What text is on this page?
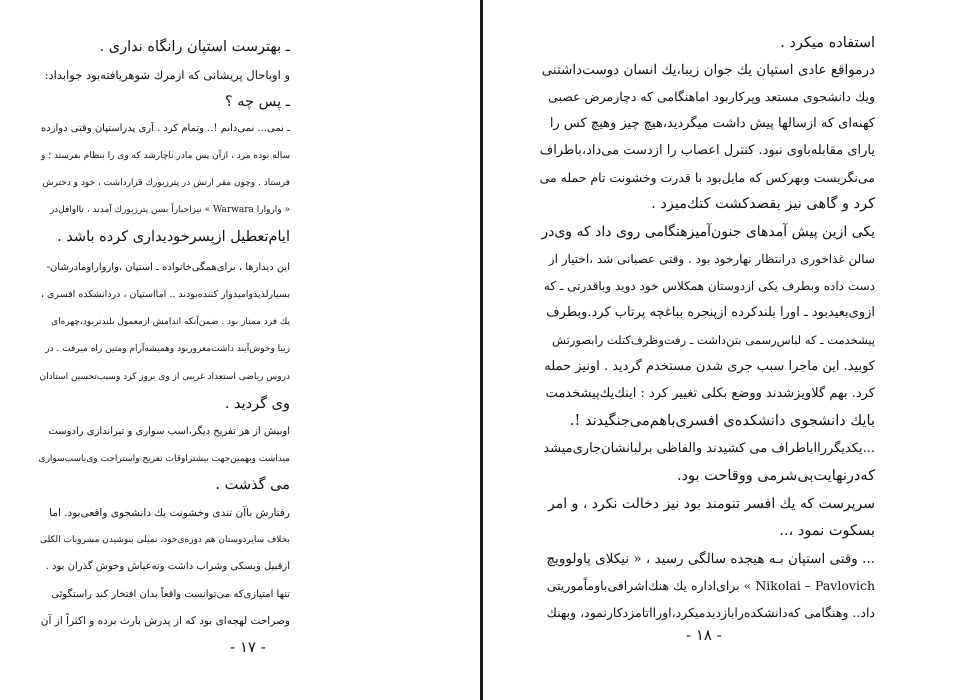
ـ بهترست استپان رانگاه نداری .
و اوباحال پریشانی که ازمرك شوهریافته‌بود جوابداد:
ـ پس چه ؟
ـ نمی... نمی‌دانم !.. وتمام کرد . آری پدراستپان وقتی دوازده
ساله بوده مرد ، ازآن پس مادر ناچارشد که وی را بنظام بفرستد ؛ و
فرستاد . وچون مقر ارتش در پترزبورك قرارداشت ، خود و دخترش
« واروارا Warwara » نیزاجباراً بسن پترزبورك آمدند ، تااوافل‌در
ایام‌تعطیل ازپسرخودیداری کرده باشد .
این دیدارها ، برای‌همگی‌خانواده ـ استپان ،واروارا‌ومادرشان-
بسیارلذیذوامیدوار کننده‌بودند .. امااستپان ، دردانشکده‌ افسری ،
یك فرد ممتاز بود . ضمن‌آنکه اندامش ازمعمول بلندتربود،چهره‌ای
زیبا وخوش‌آیند داشت‌مغروربود وهمیشه‌آرام ومتین راه میرفت . در
دروس ریاضی استعداد غریبی از وی بروز کرد وسبب‌تحسین استادان
وی گردید .
اوبیش از هر تفریح دیگر،اسب سواری و تیراندازی رادوست
میداشت وبهمین‌جهت بیشتراوقات تفریح واستراحت وی‌باسب‌سواری
می گذشت .
رفتارش باآن تندی وخشونت‌ یك دانشجوی واقعی‌بود. اما
بخلاف سایردوستان هم دوره‌ی‌خود، نمیلی بنوشیدن مشروبات الکلی
ازقبیل ویسکی وشراب داشت ونه‌عیاش وخوش گذران بود .
تنها امتیازی‌که می‌توانست واقعاً بدان افتخار کند راستگوئی
وصراحت لهجه‌ای بود که از پدرش بارث برده و اکثراً از آن
- ١٧ -
استفاده میکرد .
درمواقع عادی استپان یك جوان زیبا،یك انسان دوست‌داشتنی
ویك دانشجوی مستعد وپرکاربود اماهنگامی که دچارمرض عصبی
کهنه‌ای که ازسالها پیش داشت میگردید،هیچ چیز وهیچ کس را
یارای مقابله‌باوی نبود. کنترل اعصاب را ازدست می‌داد،باطراف
می‌نگریست وبهرکس که مایل‌بود با قدرت وخشونت تام حمله می‌
کرد و گاهی نیز بقصدکشت کتك‌میزد .
یکی ازین پیش آمدهای جنون‌آمیزهنگامی روی داد که وی‌در
سالن غذاخوری درانتظار نهارخود بود . وقتی عصبانی شد ،اختیار از
دست داده وبطرف یکی ازدوستان همکلاس خود دوید وباقدرتی ـ که
ازوی‌بعیدبود ـ اورا بلندکرده ازپنجره بباغچه پرتاب کرد.وبطرف
پیشخدمت ـ که لباس‌رسمی بتن‌داشت ـ رفت‌وظرف‌کتلت رابصورتش
کوبید. این ماجرا سبب جری شدن مستخدم گردید . اونیز حمله
کرد. بهم گلاویزشدند ووضع بکلی تغییر کرد : اینك‌یك‌پیشخدمت
بایك دانشجوی دانشکده‌ی افسری‌باهم‌می‌جنگیدند !.
...یکدیگر‌رااباطراف می کشیدند والفاظی برلبانشان‌جاری‌میشد
که‌درنهایت‌بی‌شرمی ووقاحت بود.
سرپرست که یك افسر تنومند بود نیز دخالت نکرد ، و امر
بسکوت نمود ،..
... وقتی استپان بـه هیجده سالگی رسید ، « نیکلای پاولوویچ
Nikolai – Pavlovich » برای‌اداره یك هنك‌اشرافی‌باوماًموریتی
داد.. وهنگامی که‌دانشکده‌رابازدیدمیکرد،اورااتامزدکارنمود، وبهنك
- ١٨ -
